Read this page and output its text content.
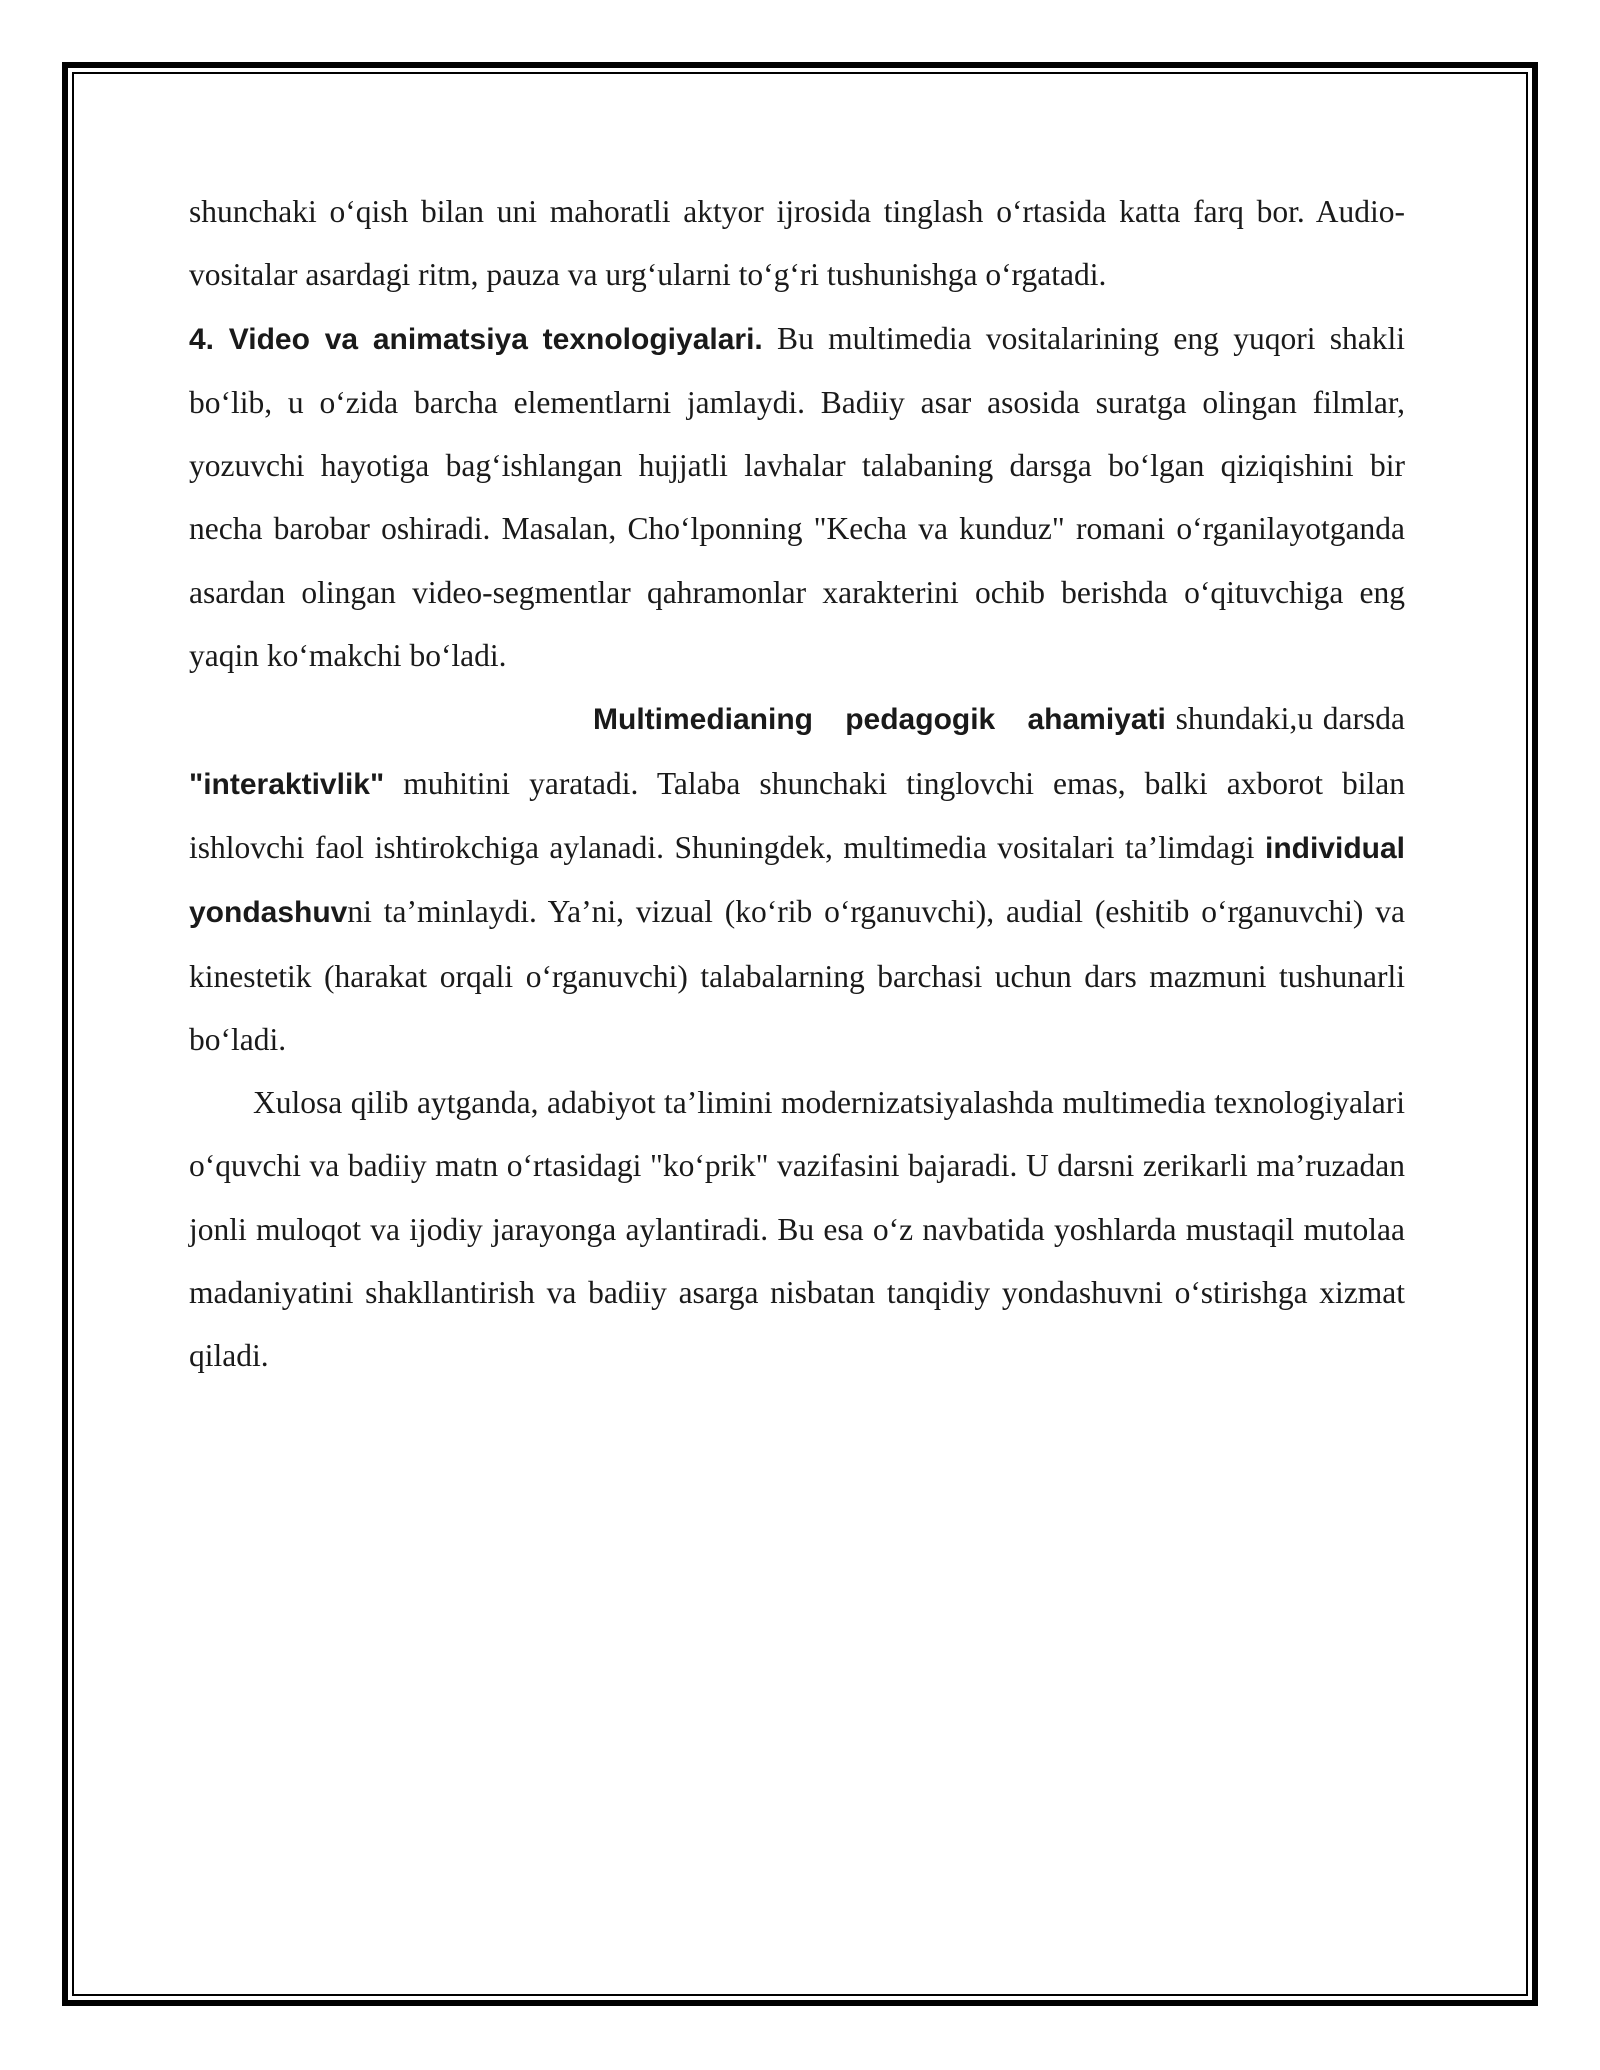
shunchaki o‘qish bilan uni mahoratli aktyor ijrosida tinglash o‘rtasida katta farq bor. Audio-vositalar asardagi ritm, pauza va urg‘ularni to‘g‘ri tushunishga o‘rgatadi.

4. Video va animatsiya texnologiyalari. Bu multimedia vositalarining eng yuqori shakli bo‘lib, u o‘zida barcha elementlarni jamlaydi. Badiiy asar asosida suratga olingan filmlar, yozuvchi hayotiga bag‘ishlangan hujjatli lavhalar talabaning darsga bo‘lgan qiziqishini bir necha barobar oshiradi. Masalan, Cho‘lponning "Kecha va kunduz" romani o‘rganilayotganda asardan olingan video-segmentlar qahramonlar xarakterini ochib berishda o‘qituvchiga eng yaqin ko‘makchi bo‘ladi.

Multimedianing pedagogik ahamiyati shundaki,u darsda "interaktivlik" muhitini yaratadi. Talaba shunchaki tinglovchi emas, balki axborot bilan ishlovchi faol ishtirokchiga aylanadi. Shuningdek, multimedia vositalari ta’limdagi individual yondashuvni ta’minlaydi. Ya’ni, vizual (ko‘rib o‘rganuvchi), audial (eshitib o‘rganuvchi) va kinestetik (harakat orqali o‘rganuvchi) talabalarning barchasi uchun dars mazmuni tushunarli bo‘ladi.

Xulosa qilib aytganda, adabiyot ta’limini modernizatsiyalashda multimedia texnologiyalari o‘quvchi va badiiy matn o‘rtasidagi "ko‘prik" vazifasini bajaradi. U darsni zerikarli ma’ruzadan jonli muloqot va ijodiy jarayonga aylantiradi. Bu esa o‘z navbatida yoshlarda mustaqil mutolaa madaniyatini shakllantirish va badiiy asarga nisbatan tanqidiy yondashuvni o‘stirishga xizmat qiladi.
